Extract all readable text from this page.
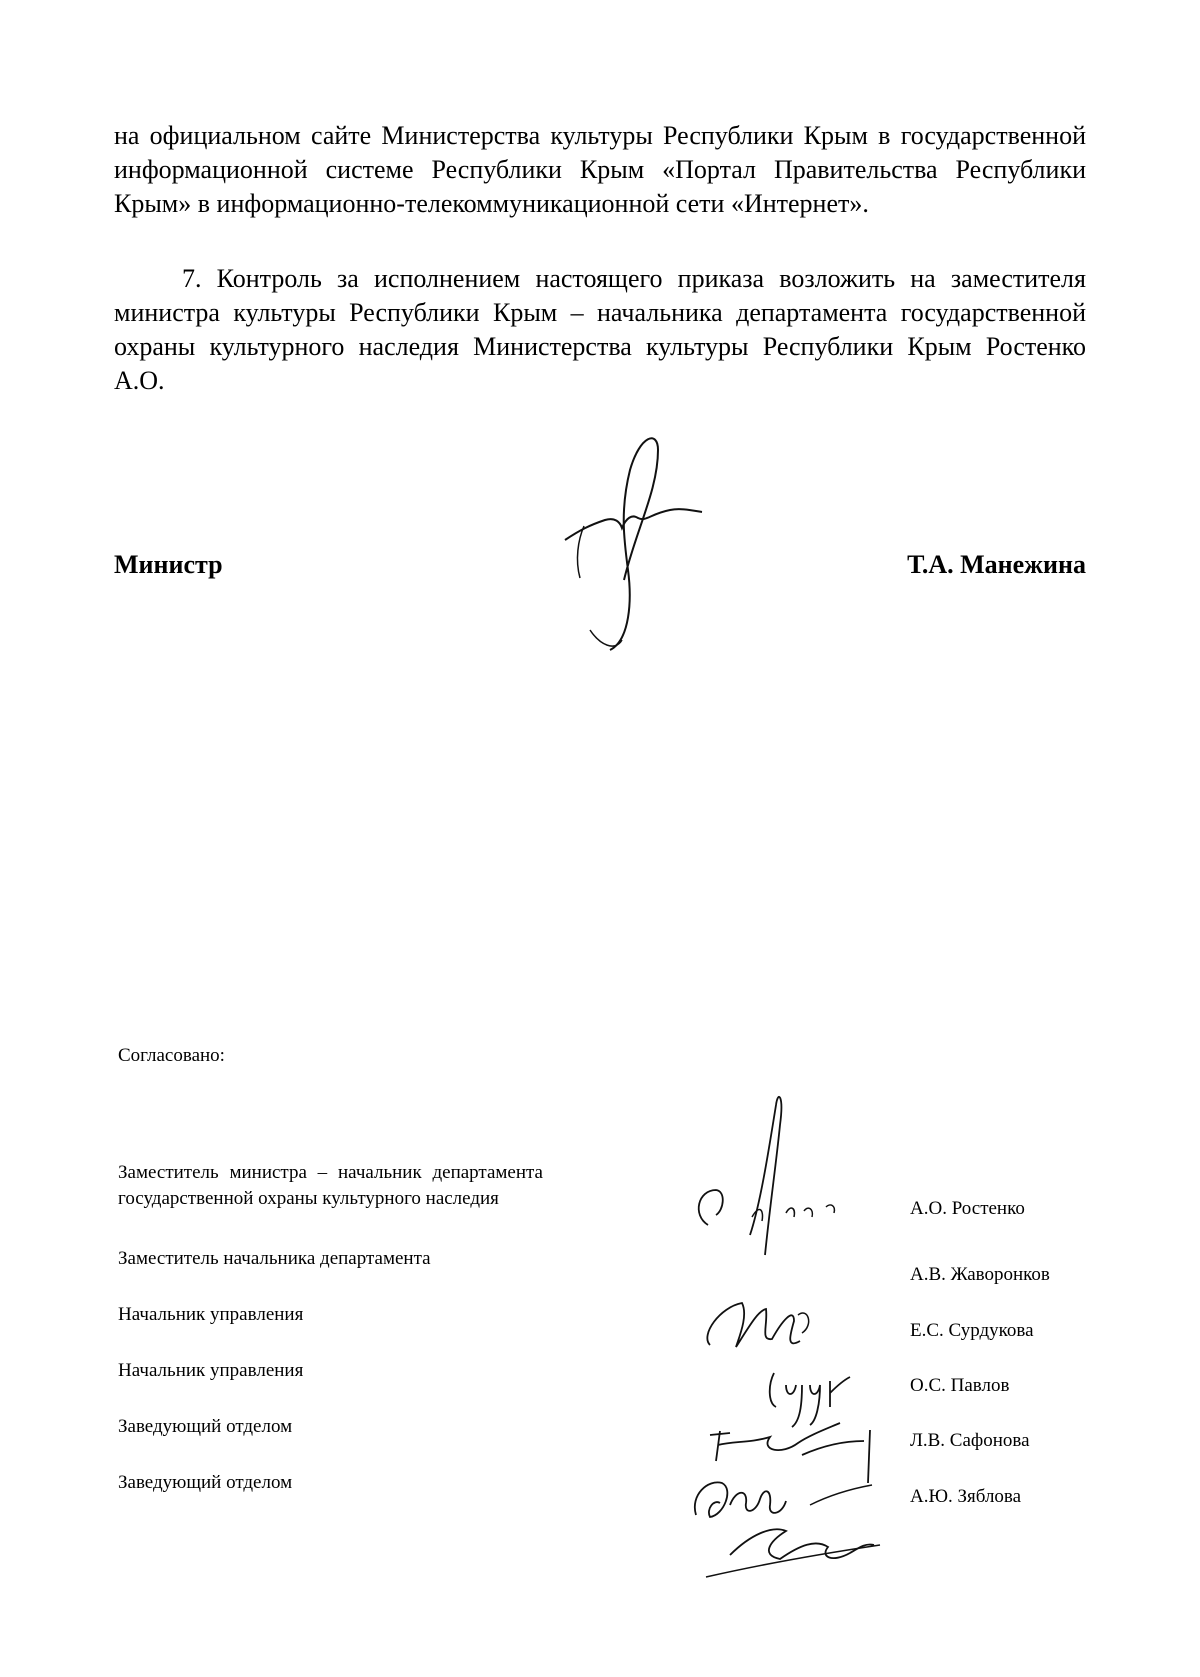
на официальном сайте Министерства культуры Республики Крым в государственной информационной системе Республики Крым «Портал Правительства Республики Крым» в информационно-телекоммуникационной сети «Интернет».

7. Контроль за исполнением настоящего приказа возложить на заместителя министра культуры Республики Крым – начальника департамента государственной охраны культурного наследия Министерства культуры Республики Крым Ростенко А.О.

Министр	Т.А. Манежина
Согласовано:
Заместитель министра – начальник департамента государственной охраны культурного наследия	А.О. Ростенко
Заместитель начальника департамента
А.В. Жаворонков
Начальник управления
Е.С. Сурдукова
Начальник управления
О.С. Павлов
Заведующий отделом
Л.В. Сафонова
Заведующий отделом
А.Ю. Зяблова
